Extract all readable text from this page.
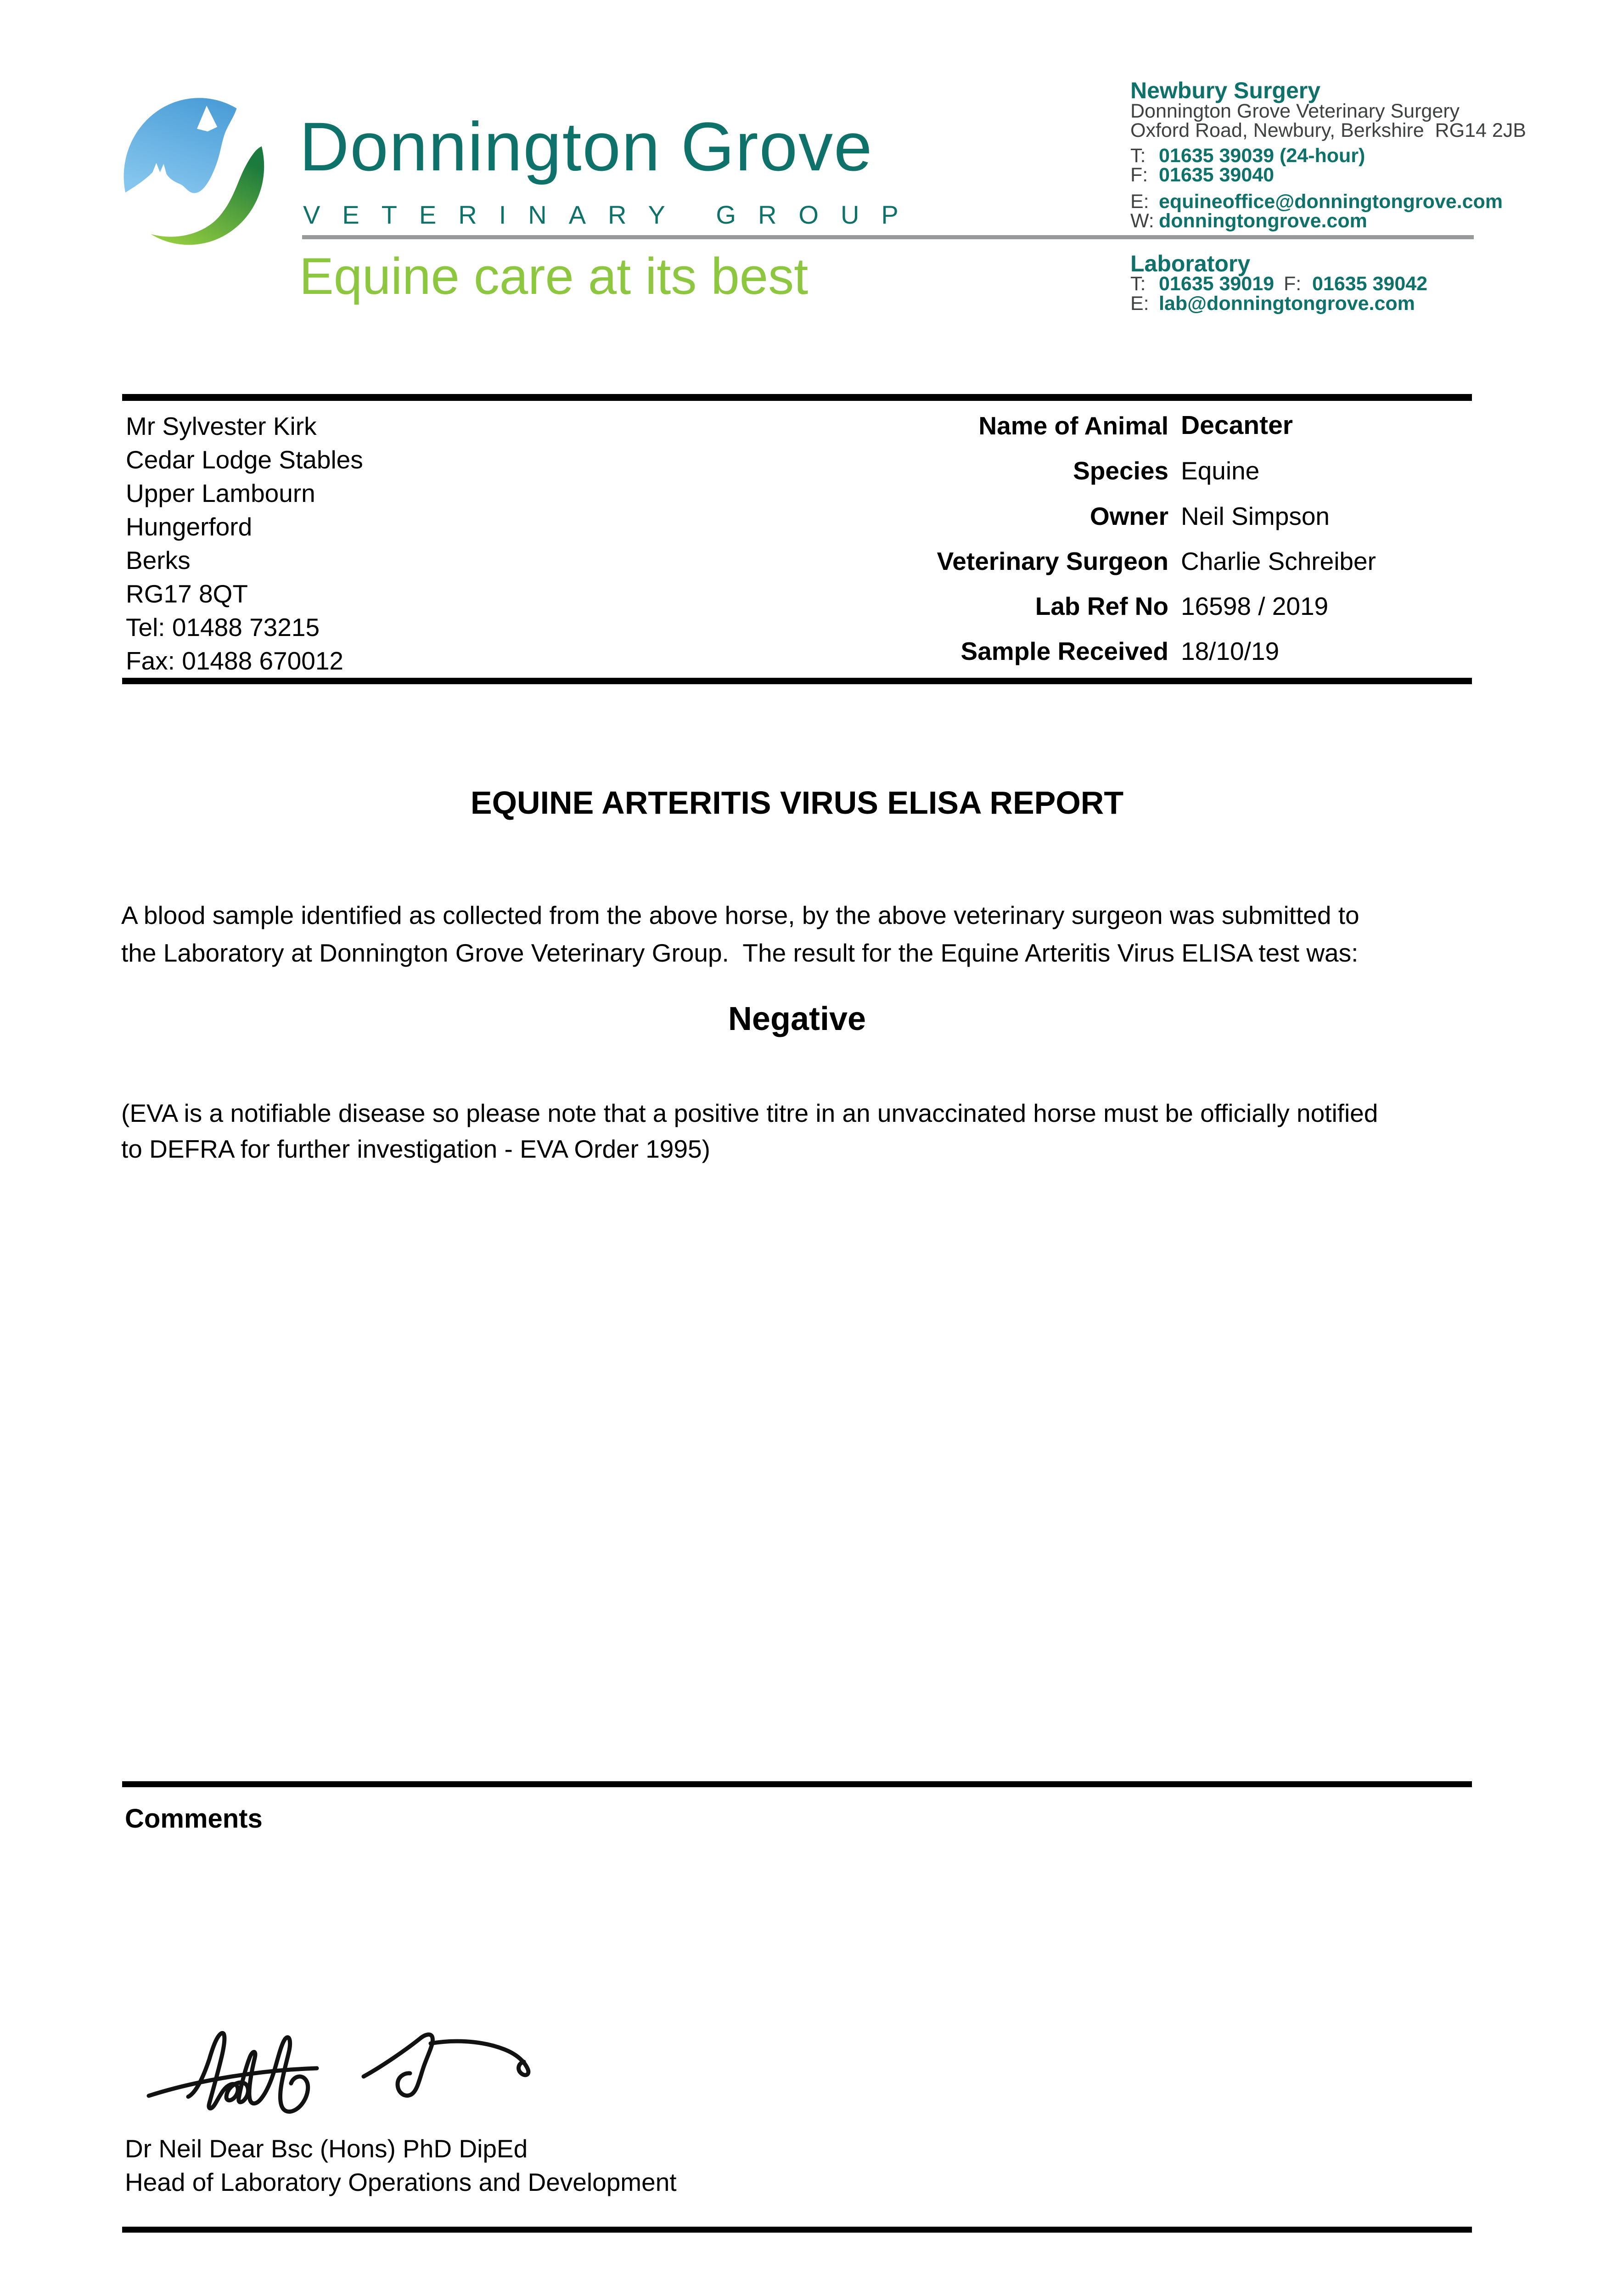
Donnington Grove
VETERINARY GROUP
Equine care at its best
Newbury Surgery
Donnington Grove Veterinary Surgery
Oxford Road, Newbury, Berkshire  RG14 2JB
T: 01635 39039 (24-hour)
F: 01635 39040
E: equineoffice@donningtongrove.com
W: donningtongrove.com
Laboratory
T: 01635 39019 F: 01635 39042
E: lab@donningtongrove.com
Mr Sylvester Kirk
Cedar Lodge Stables
Upper Lambourn
Hungerford
Berks
RG17 8QT
Tel: 01488 73215
Fax: 01488 670012
Name of Animal Decanter
Species Equine
Owner Neil Simpson
Veterinary Surgeon Charlie Schreiber
Lab Ref No 16598 / 2019
Sample Received 18/10/19
EQUINE ARTERITIS VIRUS ELISA REPORT
A blood sample identified as collected from the above horse, by the above veterinary surgeon was submitted to
the Laboratory at Donnington Grove Veterinary Group.  The result for the Equine Arteritis Virus ELISA test was:
Negative
(EVA is a notifiable disease so please note that a positive titre in an unvaccinated horse must be officially notified
to DEFRA for further investigation - EVA Order 1995)
Comments
Dr Neil Dear Bsc (Hons) PhD DipEd
Head of Laboratory Operations and Development
